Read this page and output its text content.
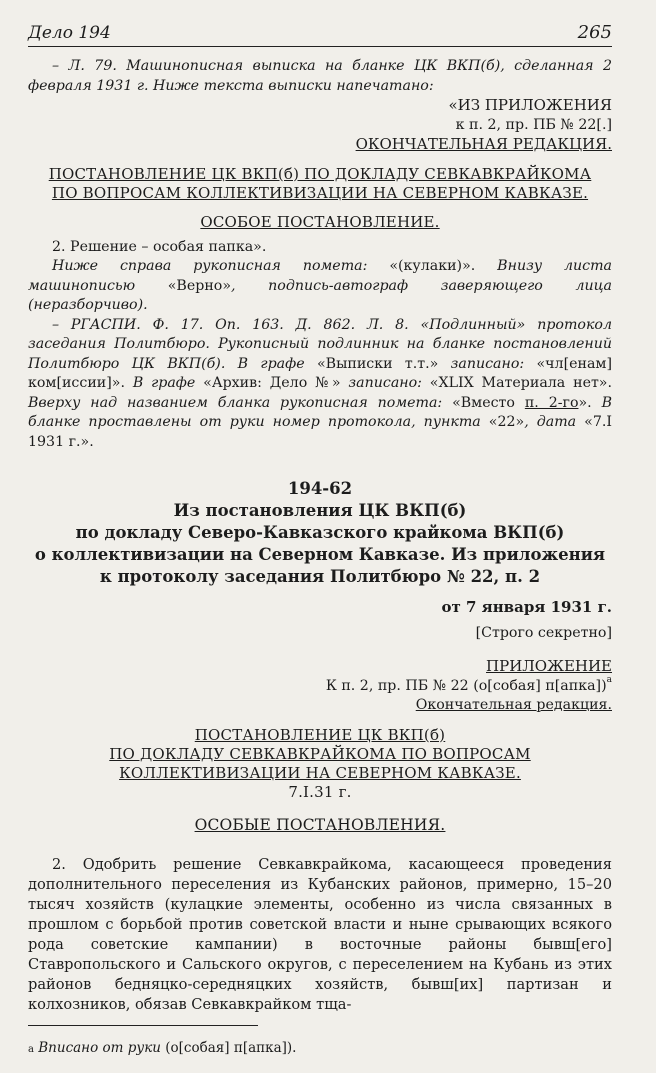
Дело 194	265

– Л. 79. Машинописная выписка на бланке ЦК ВКП(б), сделанная 2 февраля 1931 г. Ниже текста выписки напечатано:

«ИЗ ПРИЛОЖЕНИЯ

к п. 2, пр. ПБ № 22[.]

ОКОНЧАТЕЛЬНАЯ РЕДАКЦИЯ.

ПОСТАНОВЛЕНИЕ ЦК ВКП(б) ПО ДОКЛАДУ СЕВКАВКРАЙКОМА ПО ВОПРОСАМ КОЛЛЕКТИВИЗАЦИИ НА СЕВЕРНОМ КАВКАЗЕ.

ОСОБОЕ ПОСТАНОВЛЕНИЕ.

2. Решение – особая папка».

Ниже справа рукописная помета: «(кулаки)». Внизу листа машинописью «Верно», подпись-автограф заверяющего лица (неразборчиво).

– РГАСПИ. Ф. 17. Оп. 163. Д. 862. Л. 8. «Подлинный» протокол заседания Политбюро. Рукописный подлинник на бланке постановлений Политбюро ЦК ВКП(б). В графе «Выписки т.т.» записано: «чл[енам] ком[иссии]». В графе «Архив: Дело №» записано: «XLIX Материала нет». Вверху над названием бланка рукописная помета: «Вместо п. 2-го». В бланке проставлены от руки номер протокола, пункта «22», дата «7.I 1931 г.».

194-62

Из постановления ЦК ВКП(б)

по докладу Северо-Кавказского крайкома ВКП(б)

о коллективизации на Северном Кавказе. Из приложения

к протоколу заседания Политбюро № 22, п. 2

от 7 января 1931 г.

[Строго секретно]

ПРИЛОЖЕНИЕ

К п. 2, пр. ПБ № 22 (о[собая] п[апка])$^а$

Окончательная редакция.

ПОСТАНОВЛЕНИЕ ЦК ВКП(б)

ПО ДОКЛАДУ СЕВКАВКРАЙКОМА ПО ВОПРОСАМ

КОЛЛЕКТИВИЗАЦИИ НА СЕВЕРНОМ КАВКАЗЕ.

7.I.31 г.

ОСОБЫЕ ПОСТАНОВЛЕНИЯ.

2. Одобрить решение Севкавкрайкома, касающееся проведения дополнительного переселения из Кубанских районов, примерно, 15–20 тысяч хозяйств (кулацкие элементы, особенно из числа связанных в прошлом с борьбой против советской власти и ныне срывающих всякого рода советские кампании) в восточные районы бывш[его] Ставропольского и Сальского округов, с переселением на Кубань из этих районов бедняцко-середняцких хозяйств, бывш[их] партизан и колхозников, обязав Севкавкрайком тща-

а Вписано от руки (о[собая] п[апка]).
